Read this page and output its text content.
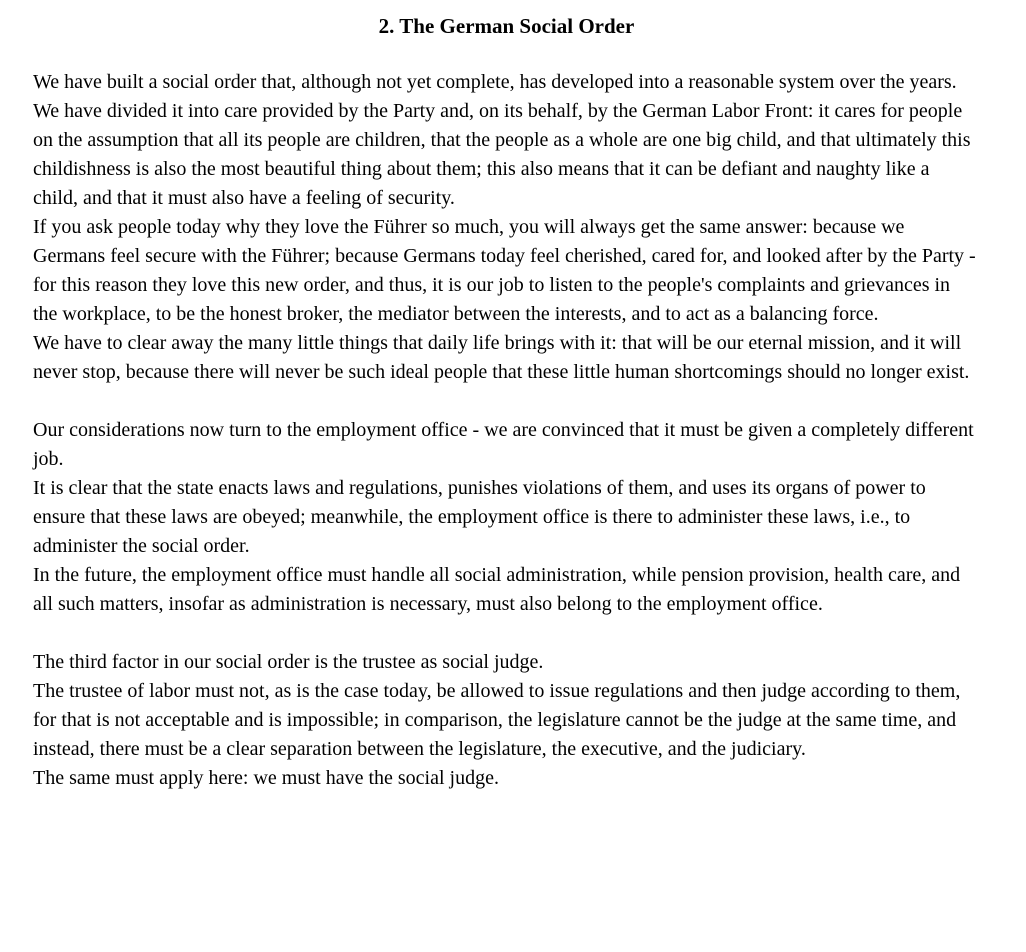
2. The German Social Order

We have built a social order that, although not yet complete, has developed into a reasonable system over the years.

We have divided it into care provided by the Party and, on its behalf, by the German Labor Front: it cares for people on the assumption that all its people are children, that the people as a whole are one big child, and that ultimately this childishness is also the most beautiful thing about them; this also means that it can be defiant and naughty like a child, and that it must also have a feeling of security.

If you ask people today why they love the Führer so much, you will always get the same answer: because we Germans feel secure with the Führer; because Germans today feel cherished, cared for, and looked after by the Party - for this reason they love this new order, and thus, it is our job to listen to the people's complaints and grievances in the workplace, to be the honest broker, the mediator between the interests, and to act as a balancing force.

We have to clear away the many little things that daily life brings with it: that will be our eternal mission, and it will never stop, because there will never be such ideal people that these little human shortcomings should no longer exist.

Our considerations now turn to the employment office - we are convinced that it must be given a completely different job.

It is clear that the state enacts laws and regulations, punishes violations of them, and uses its organs of power to ensure that these laws are obeyed; meanwhile, the employment office is there to administer these laws, i.e., to administer the social order.

In the future, the employment office must handle all social administration, while pension provision, health care, and all such matters, insofar as administration is necessary, must also belong to the employment office.

The third factor in our social order is the trustee as social judge.

The trustee of labor must not, as is the case today, be allowed to issue regulations and then judge according to them, for that is not acceptable and is impossible; in comparison, the legislature cannot be the judge at the same time, and instead, there must be a clear separation between the legislature, the executive, and the judiciary.

The same must apply here: we must have the social judge.
